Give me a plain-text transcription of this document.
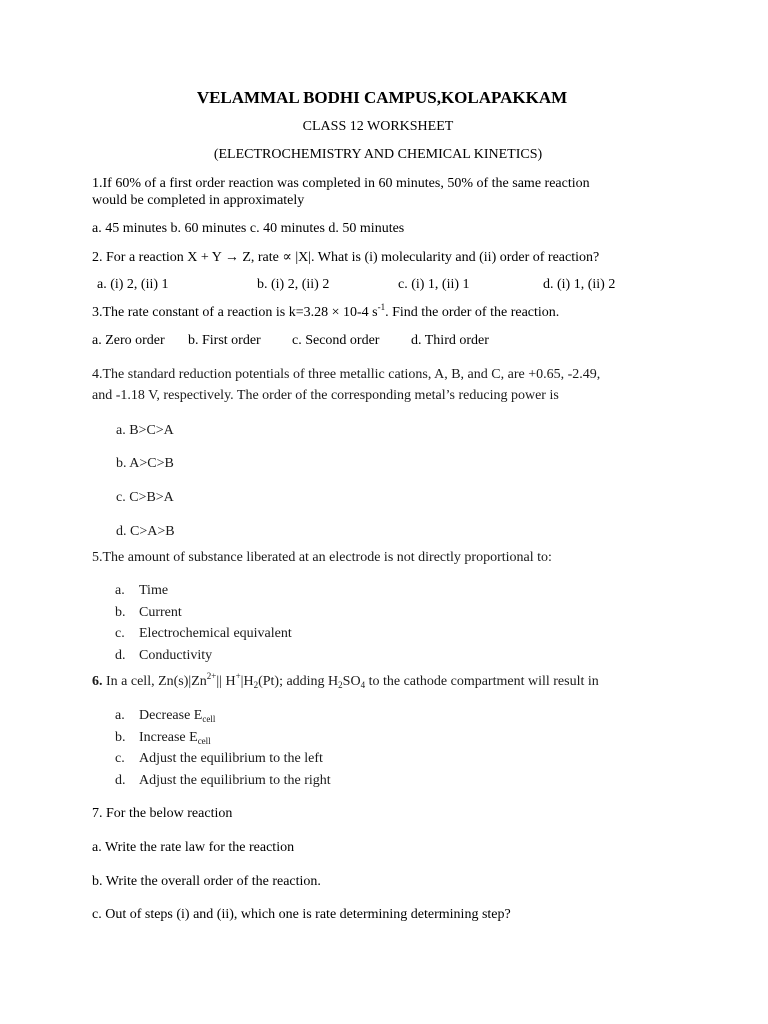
VELAMMAL BODHI CAMPUS,KOLAPAKKAM
CLASS 12 WORKSHEET
(ELECTROCHEMISTRY AND CHEMICAL KINETICS)
1.If 60% of a first order reaction was completed in 60 minutes, 50% of the same reaction
would be completed in approximately
a. 45 minutes b. 60 minutes c. 40 minutes d. 50 minutes
2. For a reaction X + Y → Z, rate ∝ |X|. What is (i) molecularity and (ii) order of reaction?
a. (i) 2, (ii) 1	b. (i) 2, (ii) 2	c. (i) 1, (ii) 1	d. (i) 1, (ii) 2
3.The rate constant of a reaction is k=3.28 × 10-4 $s^{-1}$. Find the order of the reaction.
a. Zero order b. First order c. Second order d. Third order
4.The standard reduction potentials of three metallic cations, A, B, and C, are +0.65, -2.49,
and -1.18 V, respectively. The order of the corresponding metal’s reducing power is
a. B>C>A
b. A>C>B
c. C>B>A
d. C>A>B
5.The amount of substance liberated at an electrode is not directly proportional to:
a. Time
b. Current
c. Electrochemical equivalent
d. Conductivity
6. In a cell, $Zn(s)|Zn^{2+}||$ $H^+|H_2(Pt)$; adding $H_2SO_4$ to the cathode compartment will result in
a. Decrease $E_{cell}$
b. Increase $E_{cell}$
c. Adjust the equilibrium to the left
d. Adjust the equilibrium to the right
7. For the below reaction
a. Write the rate law for the reaction
b. Write the overall order of the reaction.
c. Out of steps (i) and (ii), which one is rate determining determining step?
